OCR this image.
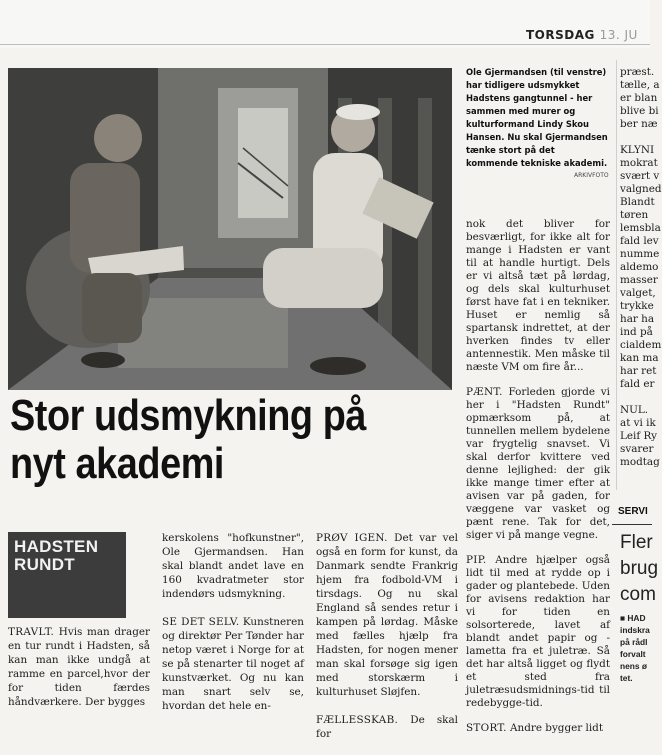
TORSDAG 13. JU
ARKIVFOTO
Ole Gjermandsen (til venstre) har tidligere udsmykket Hadstens gangtunnel - her sammen med murer og kulturformand Lindy Skou Hansen. Nu skal Gjermandsen tænke stort på det kommende tekniske akademi.

nok det bliver for besværligt, for ikke alt for mange i Hadsten er vant til at handle hurtigt. Dels er vi altså tæt på lørdag, og dels skal kulturhuset først have fat i en tekniker. Huset er nemlig så spartansk indrettet, at der hverken findes tv eller antennestik. Men måske til næste VM om fire år...

PÆNT. Forleden gjorde vi her i "Hadsten Rundt" opmærksom på, at tunnellen mellem bydelene var frygtelig snavset. Vi skal derfor kvittere ved denne lejlighed: der gik ikke mange timer efter at avisen var på gaden, for væggene var vasket og pænt rene. Tak for det, siger vi på mange vegne.

PIP. Andre hjælper også lidt til med at rydde op i gader og plantebede. Uden for avisens redaktion har vi for tiden en solsorteredе, lavet af blandt andet papir og - lametta fra et juletræ. Så det har altså ligget og flydt et sted fra juletræsudsmidnings-tid til redebygge-tid.

STORT. Andre bygger lidt

Stor udsmykning på nyt akademi
HADSTEN
RUNDT

TRAVLT. Hvis man drager en tur rundt i Hadsten, så kan man ikke undgå at ramme en parcel,hvor der for tiden færdes håndværkere. Der bygges

kerskolens "hofkunstner", Ole Gjermandsen. Han skal blandt andet lave en 160 kvadratmeter stor indendørs udsmykning.

SE DET SELV. Kunstneren og direktør Per Tønder har netop været i Norge for at se på stenarter til noget af kunstværket. Og nu kan man snart selv se, hvordan det hele en-

PRØV IGEN. Det var vel også en form for kunst, da Danmark sendte Frankrig hjem fra fodbold-VM i tirsdags. Og nu skal England så sendes retur i kampen på lørdag. Måske med fælles hjælp fra Hadsten, for nogen mener man skal forsøge sig igen med storskærm i kulturhuset Sløjfen.

FÆLLESSKAB. De skal for

præst.
tælle, a
er blan
blive bi
ber næ
KLYNI
mokrat
svært v
valgned
Blandt
tøren
lemsbla
fald lev
numme
aldemo
masser
valget,
trykke
har ha
ind på
cialdem
kan ma
har ret
fald er
NUL.
at vi ik
Leif Ry
svarer
modtag
SERVI
Fler
brug
com
■ HAD
indskra
på rådl
forvalt
nens ø
tet.
